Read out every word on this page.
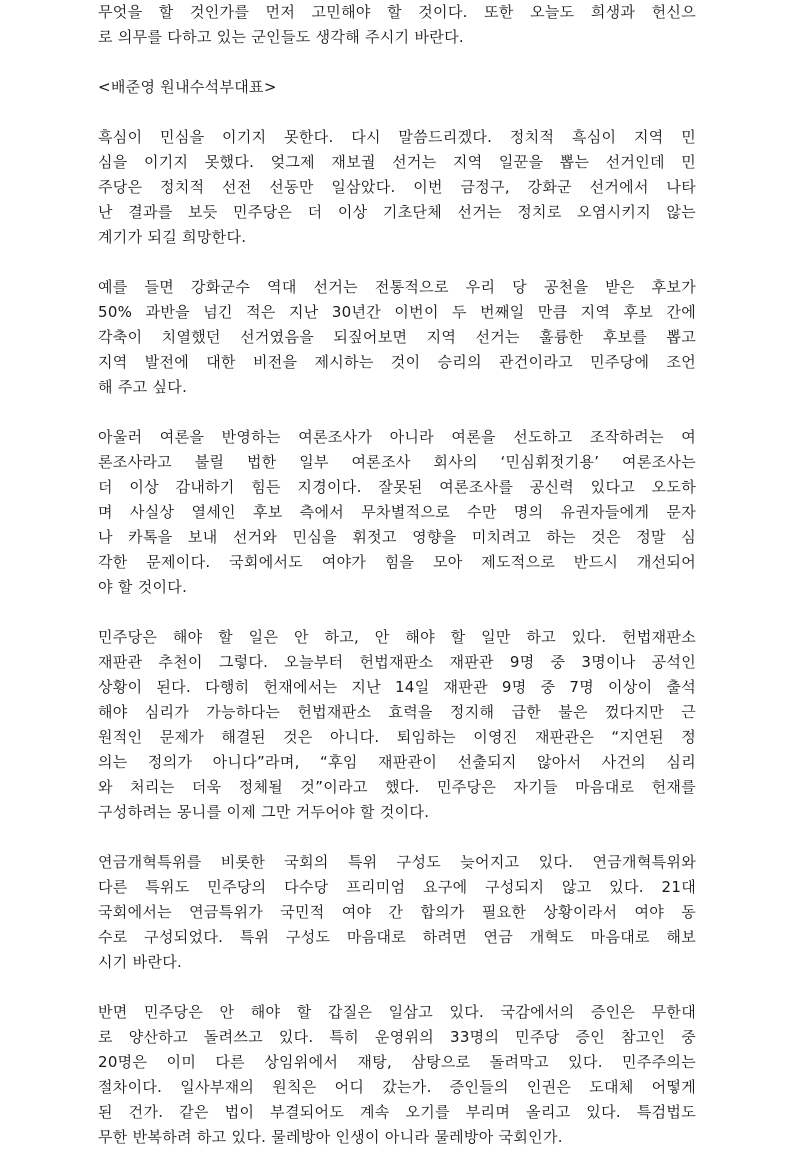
무엇을 할 것인가를 먼저 고민해야 할 것이다. 또한 오늘도 희생과 헌신으
로 의무를 다하고 있는 군인들도 생각해 주시기 바란다.
<배준영 원내수석부대표>
흑심이 민심을 이기지 못한다. 다시 말씀드리겠다. 정치적 흑심이 지역 민
심을 이기지 못했다. 엊그제 재보궐 선거는 지역 일꾼을 뽑는 선거인데 민
주당은 정치적 선전 선동만 일삼았다. 이번 금정구, 강화군 선거에서 나타
난 결과를 보듯 민주당은 더 이상 기초단체 선거는 정치로 오염시키지 않는
계기가 되길 희망한다.
예를 들면 강화군수 역대 선거는 전통적으로 우리 당 공천을 받은 후보가
50% 과반을 넘긴 적은 지난 30년간 이번이 두 번째일 만큼 지역 후보 간에
각축이 치열했던 선거였음을 되짚어보면 지역 선거는 훌륭한 후보를 뽑고
지역 발전에 대한 비전을 제시하는 것이 승리의 관건이라고 민주당에 조언
해 주고 싶다.
아울러 여론을 반영하는 여론조사가 아니라 여론을 선도하고 조작하려는 여
론조사라고 불릴 법한 일부 여론조사 회사의 ‘민심휘젓기용’ 여론조사는
더 이상 감내하기 힘든 지경이다. 잘못된 여론조사를 공신력 있다고 오도하
며 사실상 열세인 후보 측에서 무차별적으로 수만 명의 유권자들에게 문자
나 카톡을 보내 선거와 민심을 휘젓고 영향을 미치려고 하는 것은 정말 심
각한 문제이다. 국회에서도 여야가 힘을 모아 제도적으로 반드시 개선되어
야 할 것이다.
민주당은 해야 할 일은 안 하고, 안 해야 할 일만 하고 있다. 헌법재판소
재판관 추천이 그렇다. 오늘부터 헌법재판소 재판관 9명 중 3명이나 공석인
상황이 된다. 다행히 헌재에서는 지난 14일 재판관 9명 중 7명 이상이 출석
해야 심리가 가능하다는 헌법재판소 효력을 정지해 급한 불은 껐다지만 근
원적인 문제가 해결된 것은 아니다. 퇴임하는 이영진 재판관은 “지연된 정
의는 정의가 아니다”라며, “후임 재판관이 선출되지 않아서 사건의 심리
와 처리는 더욱 정체될 것”이라고 했다. 민주당은 자기들 마음대로 헌재를
구성하려는 몽니를 이제 그만 거두어야 할 것이다.
연금개혁특위를 비롯한 국회의 특위 구성도 늦어지고 있다. 연금개혁특위와
다른 특위도 민주당의 다수당 프리미엄 요구에 구성되지 않고 있다. 21대
국회에서는 연금특위가 국민적 여야 간 합의가 필요한 상황이라서 여야 동
수로 구성되었다. 특위 구성도 마음대로 하려면 연금 개혁도 마음대로 해보
시기 바란다.
반면 민주당은 안 해야 할 갑질은 일삼고 있다. 국감에서의 증인은 무한대
로 양산하고 돌려쓰고 있다. 특히 운영위의 33명의 민주당 증인 참고인 중
20명은 이미 다른 상임위에서 재탕, 삼탕으로 돌려막고 있다. 민주주의는
절차이다. 일사부재의 원칙은 어디 갔는가. 증인들의 인권은 도대체 어떻게
된 건가. 같은 법이 부결되어도 계속 오기를 부리며 올리고 있다. 특검법도
무한 반복하려 하고 있다. 물레방아 인생이 아니라 물레방아 국회인가.
